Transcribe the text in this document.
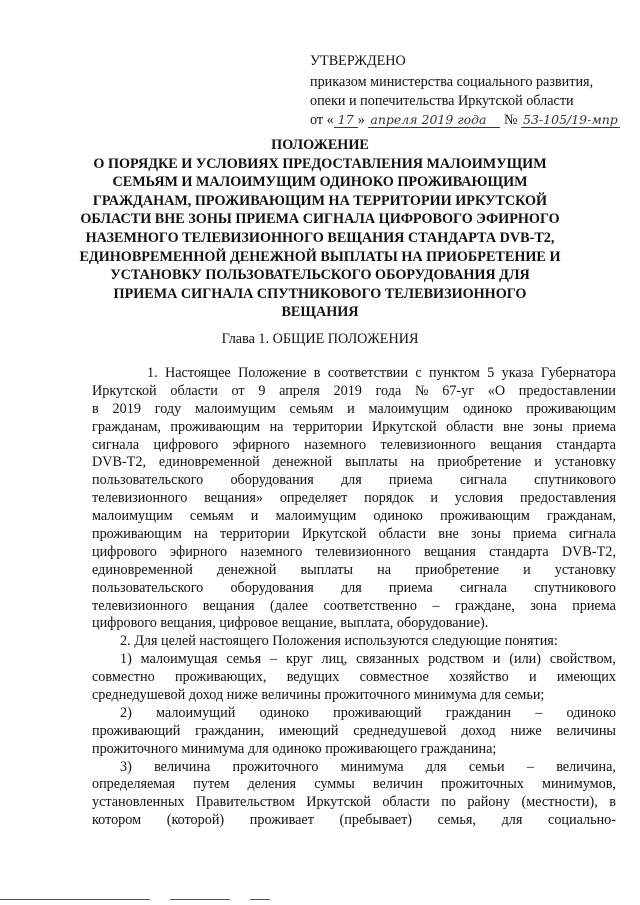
УТВЕРЖДЕНО
приказом министерства социального развития,
опеки и попечительства Иркутской области
от « 17 » апреля 2019 года № 53-105/19-мпр
ПОЛОЖЕНИЕ
О ПОРЯДКЕ И УСЛОВИЯХ ПРЕДОСТАВЛЕНИЯ МАЛОИМУЩИМ
СЕМЬЯМ И МАЛОИМУЩИМ ОДИНОКО ПРОЖИВАЮЩИМ
ГРАЖДАНАМ, ПРОЖИВАЮЩИМ НА ТЕРРИТОРИИ ИРКУТСКОЙ
ОБЛАСТИ ВНЕ ЗОНЫ ПРИЕМА СИГНАЛА ЦИФРОВОГО ЭФИРНОГО
НАЗЕМНОГО ТЕЛЕВИЗИОННОГО ВЕЩАНИЯ СТАНДАРТА DVB-T2,
ЕДИНОВРЕМЕННОЙ ДЕНЕЖНОЙ ВЫПЛАТЫ НА ПРИОБРЕТЕНИЕ И
УСТАНОВКУ ПОЛЬЗОВАТЕЛЬСКОГО ОБОРУДОВАНИЯ ДЛЯ
ПРИЕМА СИГНАЛА СПУТНИКОВОГО ТЕЛЕВИЗИОННОГО
ВЕЩАНИЯ
Глава 1. ОБЩИЕ ПОЛОЖЕНИЯ
1. Настоящее Положение в соответствии с пунктом 5 указа Губернатора
Иркутской области от 9 апреля 2019 года № 67-уг «О предоставлении
в 2019 году малоимущим семьям и малоимущим одиноко проживающим
гражданам, проживающим на территории Иркутской области вне зоны приема
сигнала цифрового эфирного наземного телевизионного вещания стандарта
DVB-T2, единовременной денежной выплаты на приобретение и установку
пользовательского оборудования для приема сигнала спутникового
телевизионного вещания» определяет порядок и условия предоставления
малоимущим семьям и малоимущим одиноко проживающим гражданам,
проживающим на территории Иркутской области вне зоны приема сигнала
цифрового эфирного наземного телевизионного вещания стандарта DVB-T2,
единовременной денежной выплаты на приобретение и установку
пользовательского оборудования для приема сигнала спутникового
телевизионного вещания (далее соответственно – граждане, зона приема
цифрового вещания, цифровое вещание, выплата, оборудование).
2. Для целей настоящего Положения используются следующие понятия:
1) малоимущая семья – круг лиц, связанных родством и (или) свойством,
совместно проживающих, ведущих совместное хозяйство и имеющих
среднедушевой доход ниже величины прожиточного минимума для семьи;
2) малоимущий одиноко проживающий гражданин – одиноко
проживающий гражданин, имеющий среднедушевой доход ниже величины
прожиточного минимума для одиноко проживающего гражданина;
3) величина прожиточного минимума для семьи – величина,
определяемая путем деления суммы величин прожиточных минимумов,
установленных Правительством Иркутской области по району (местности), в
котором (которой) проживает (пребывает) семья, для социально-
